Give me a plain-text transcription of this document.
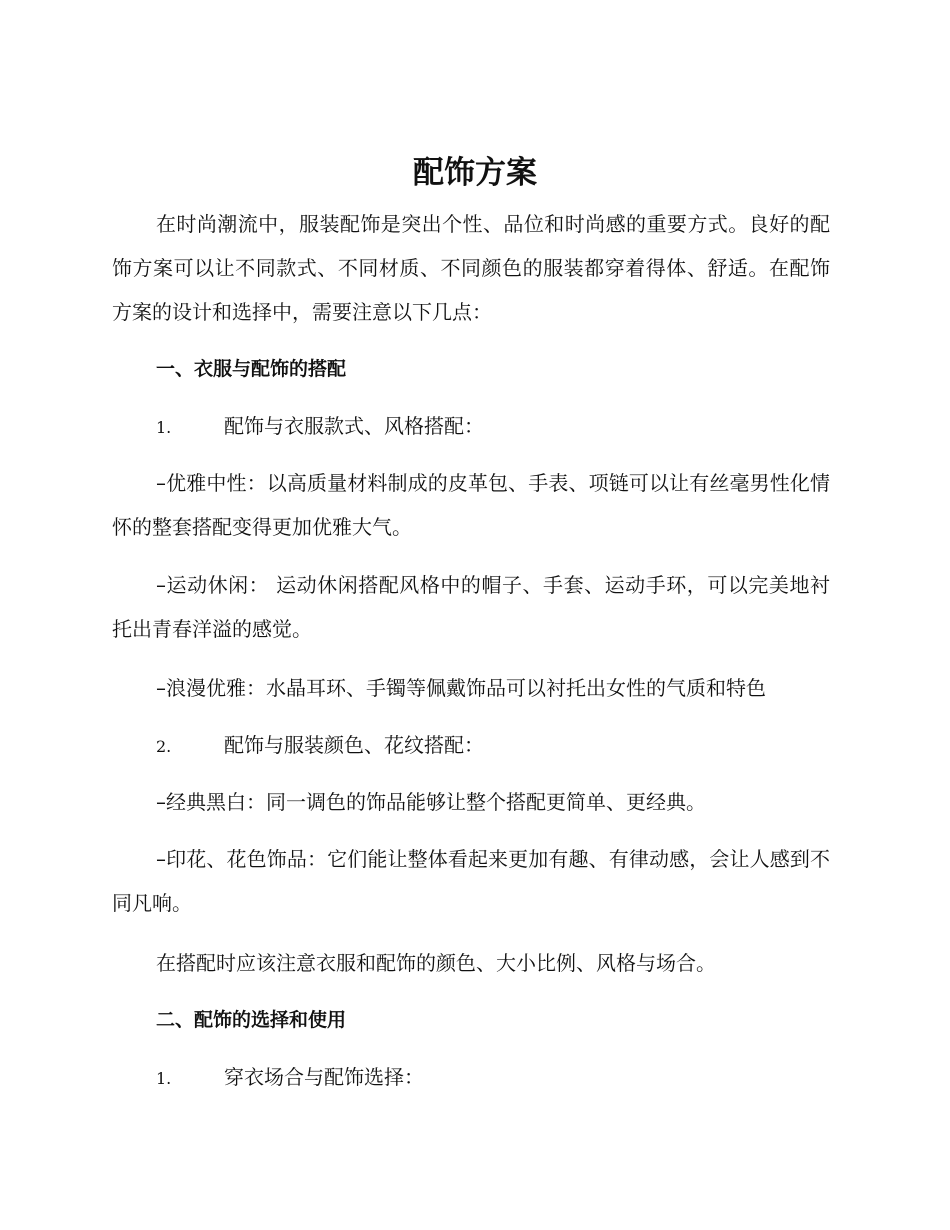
配饰方案

在时尚潮流中，服装配饰是突出个性、品位和时尚感的重要方式。良好的配饰方案可以让不同款式、不同材质、不同颜色的服装都穿着得体、舒适。在配饰方案的设计和选择中，需要注意以下几点：

一、衣服与配饰的搭配

1.	配饰与衣服款式、风格搭配：

–优雅中性：以高质量材料制成的皮革包、手表、项链可以让有丝毫男性化情怀的整套搭配变得更加优雅大气。

–运动休闲： 运动休闲搭配风格中的帽子、手套、运动手环，可以完美地衬托出青春洋溢的感觉。

–浪漫优雅：水晶耳环、手镯等佩戴饰品可以衬托出女性的气质和特色

2.	配饰与服装颜色、花纹搭配：

–经典黑白：同一调色的饰品能够让整个搭配更简单、更经典。

–印花、花色饰品：它们能让整体看起来更加有趣、有律动感，会让人感到不同凡响。

在搭配时应该注意衣服和配饰的颜色、大小比例、风格与场合。

二、配饰的选择和使用

1.	穿衣场合与配饰选择：
